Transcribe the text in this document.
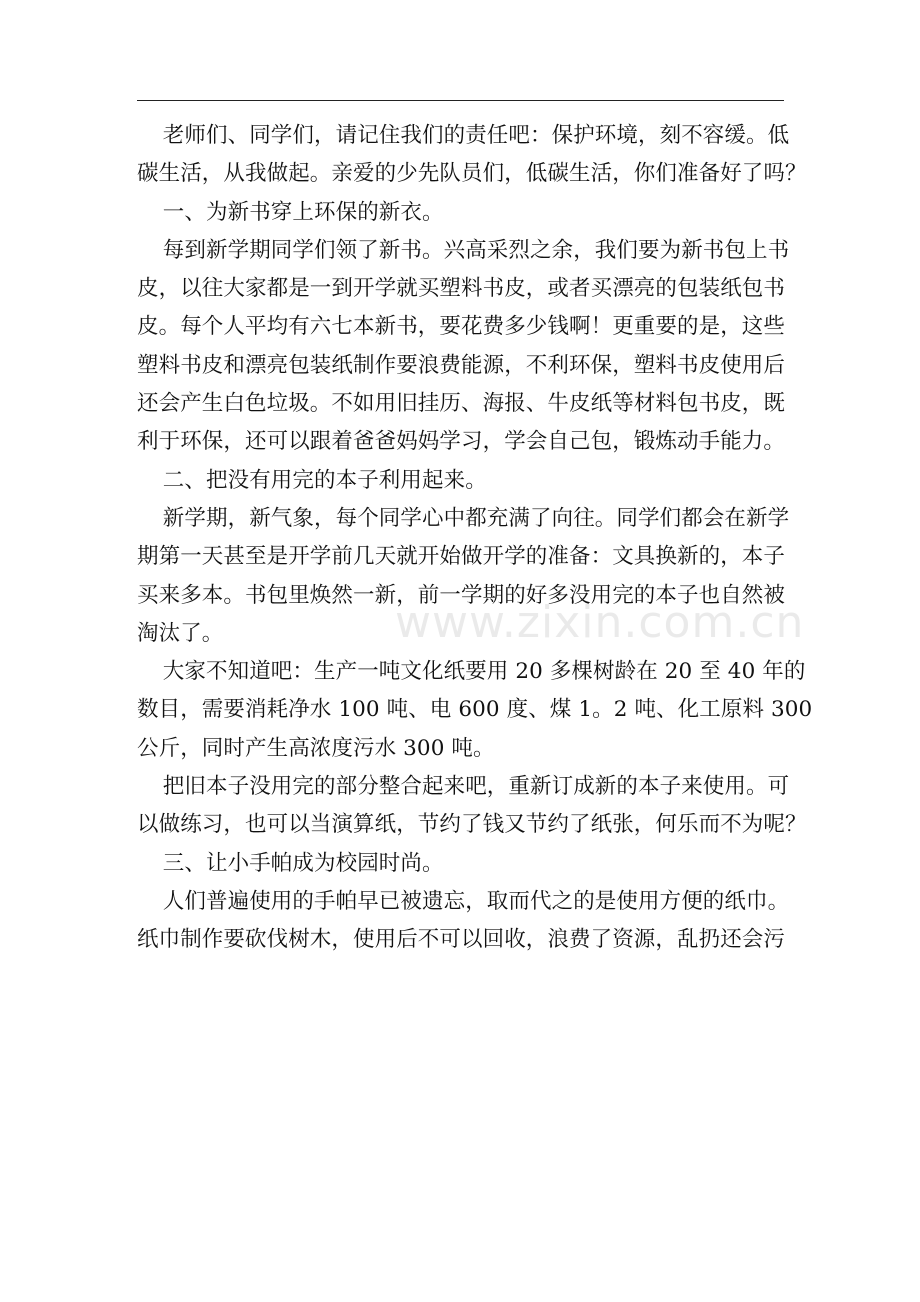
www.zixin.com.cn

老师们、同学们，请记住我们的责任吧：保护环境，刻不容缓。低
碳生活，从我做起。亲爱的少先队员们，低碳生活，你们准备好了吗？

一、为新书穿上环保的新衣。

每到新学期同学们领了新书。兴高采烈之余，我们要为新书包上书
皮，以往大家都是一到开学就买塑料书皮，或者买漂亮的包装纸包书
皮。每个人平均有六七本新书，要花费多少钱啊！更重要的是，这些
塑料书皮和漂亮包装纸制作要浪费能源，不利环保，塑料书皮使用后
还会产生白色垃圾。不如用旧挂历、海报、牛皮纸等材料包书皮，既
利于环保，还可以跟着爸爸妈妈学习，学会自己包，锻炼动手能力。

二、把没有用完的本子利用起来。

新学期，新气象，每个同学心中都充满了向往。同学们都会在新学
期第一天甚至是开学前几天就开始做开学的准备：文具换新的，本子
买来多本。书包里焕然一新，前一学期的好多没用完的本子也自然被
淘汰了。

大家不知道吧：生产一吨文化纸要用 20 多棵树龄在 20 至 40 年的
数目，需要消耗净水 100 吨、电 600 度、煤 1。2 吨、化工原料 300
公斤，同时产生高浓度污水 300 吨。

把旧本子没用完的部分整合起来吧，重新订成新的本子来使用。可
以做练习，也可以当演算纸，节约了钱又节约了纸张，何乐而不为呢？

三、让小手帕成为校园时尚。

人们普遍使用的手帕早已被遗忘，取而代之的是使用方便的纸巾。
纸巾制作要砍伐树木，使用后不可以回收，浪费了资源，乱扔还会污
